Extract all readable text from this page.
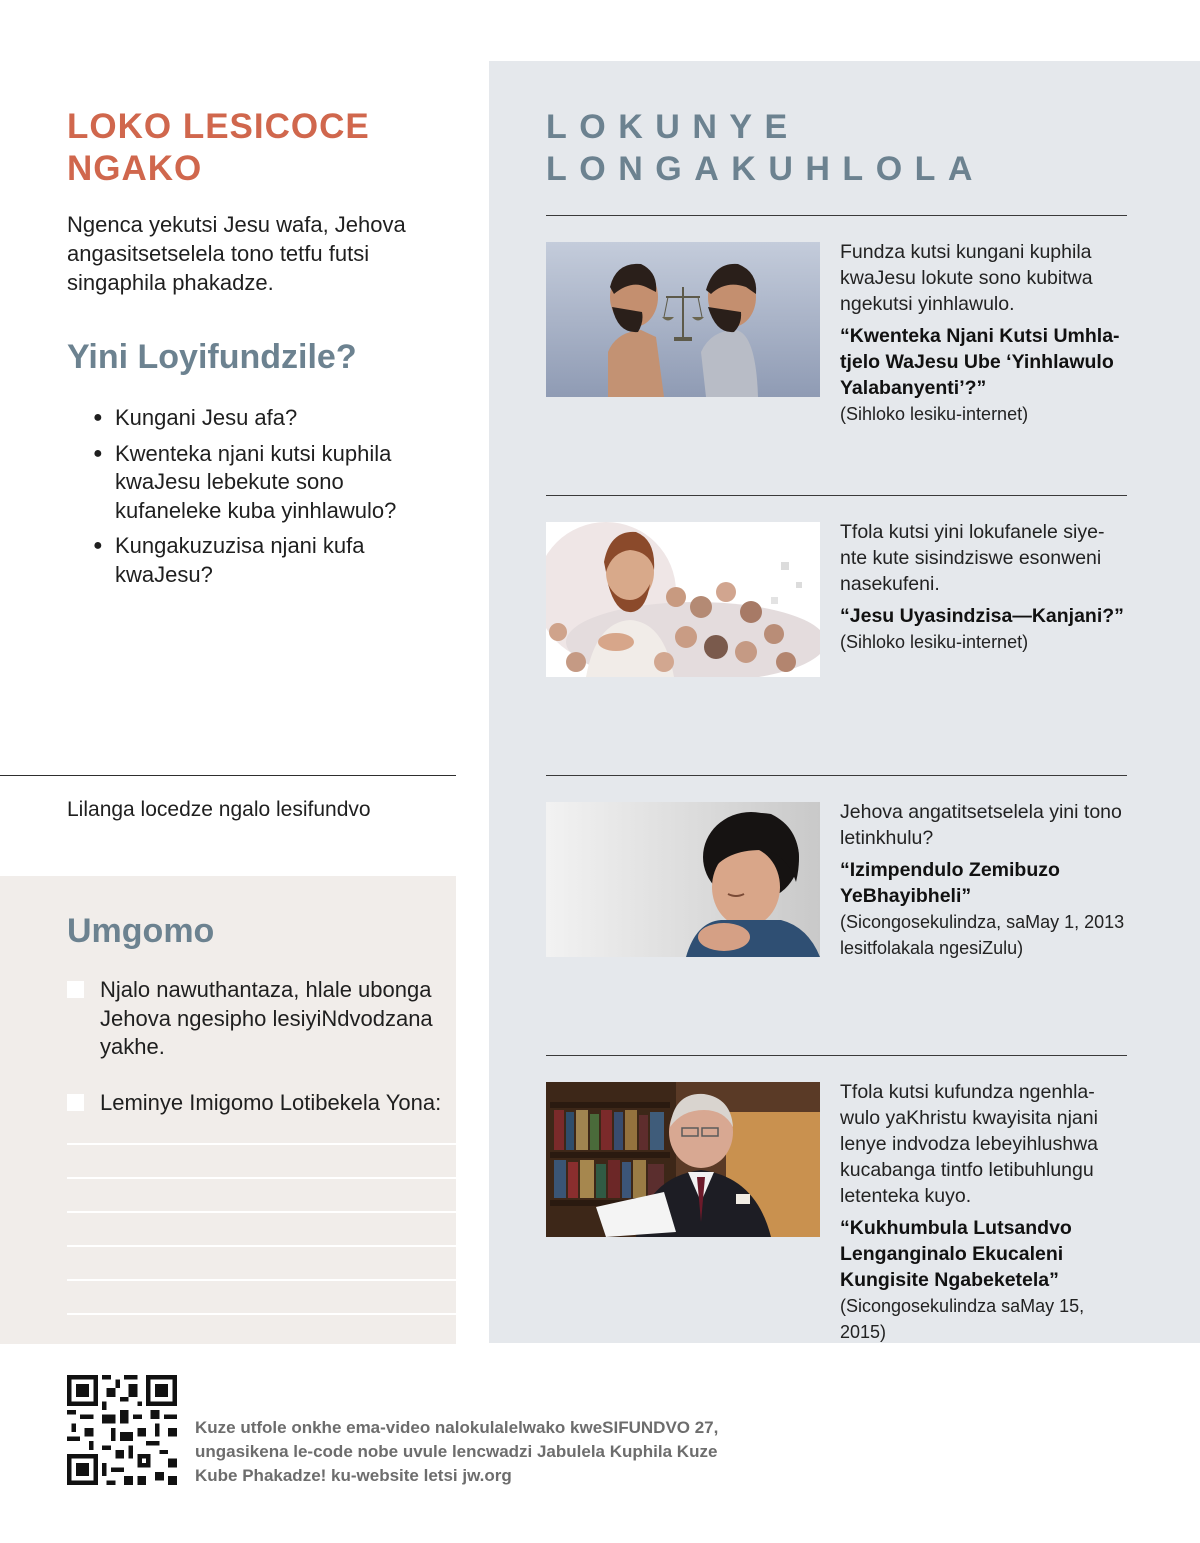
LOKO LESICOCE
NGAKO

Ngenca yekutsi Jesu wafa, Jehova angasitsetselela tono tetfu futsi singaphila phakadze.

Yini Loyifundzile?
● Kungani Jesu afa?
● Kwenteka njani kutsi kuphila kwaJesu lebekute sono kufaneleke kuba yinhlawulo?
● Kungakuzuzisa njani kufa kwaJesu?

Lilanga locedze ngalo lesifundvo

Umgomo
Njalo nawuthantaza, hlale ubonga Jehova ngesipho lesiyiNdvodzana yakhe.
Leminye Imigomo Lotibekela Yona:
LOKUNYE
LONGAKUHLOLA

Fundza kutsi kungani kuphila kwaJesu lokute sono kubitwa ngekutsi yinhlawulo.

“Kwenteka Njani Kutsi Umhla-tjelo WaJesu Ube ‘Yinhlawulo Yalabanyenti’?”

(Sihloko lesiku-internet)

Tfola kutsi yini lokufanele siye-nte kute sisindziswe esonweni nasekufeni.

“Jesu Uyasindzisa—Kanjani?”

(Sihloko lesiku-internet)

Jehova angatitsetselela yini tono letinkhulu?

“Izimpendulo Zemibuzo YeBhayibheli”

(Sicongosekulindza, saMay 1, 2013 lesitfolakala ngesiZulu)

Tfola kutsi kufundza ngenhla-wulo yaKhristu kwayisita njani lenye indvodza lebeyihlushwa kucabanga tintfo letibuhlungu letenteka kuyo.

“Kukhumbula Lutsandvo Lenganginalo Ekucaleni Kungisite Ngabeketela”

(Sicongosekulindza saMay 15, 2015)

Kuze utfole onkhe ema-video nalokulalelwako kweSIFUNDVO 27,
ungasikena le-code nobe uvule lencwadzi Jabulela Kuphila Kuze
Kube Phakadze! ku-website letsi jw.org
